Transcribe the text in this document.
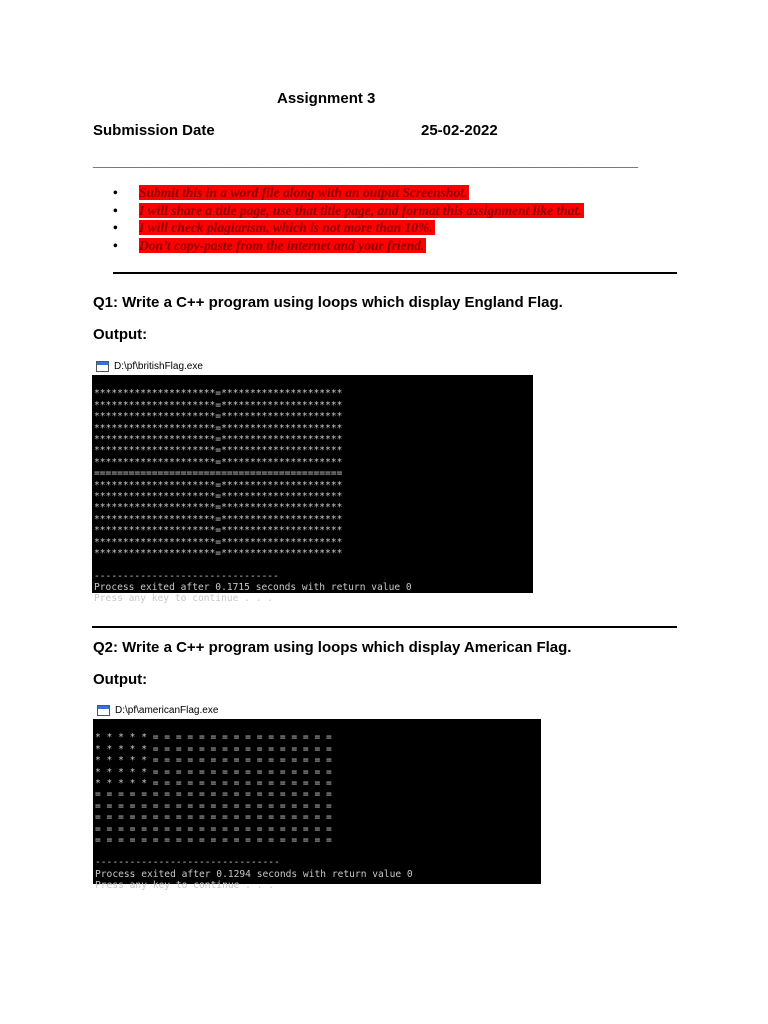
Assignment 3
Submission Date	25-02-2022
______________________________________________________________________
• Submit this in a word file along with an output Screenshot.
• I will share a title page, use that title page, and format this assignment like that.
• I will check plagiarism, which is not more than 10%.
• Don’t copy-paste from the internet and your friend.
Q1: Write a C++ program using loops which display England Flag.
Output:
D:\pf\britishFlag.exe

*********************=*********************
*********************=*********************
*********************=*********************
*********************=*********************
*********************=*********************
*********************=*********************
*********************=*********************
===========================================
*********************=*********************
*********************=*********************
*********************=*********************
*********************=*********************
*********************=*********************
*********************=*********************
*********************=*********************
--------------------------------
Process exited after 0.1715 seconds with return value 0
Press any key to continue . . .

Q2: Write a C++ program using loops which display American Flag.
Output:
D:\pf\americanFlag.exe

* * * * * = = = = = = = = = = = = = = = =
* * * * * = = = = = = = = = = = = = = = =
* * * * * = = = = = = = = = = = = = = = =
* * * * * = = = = = = = = = = = = = = = =
* * * * * = = = = = = = = = = = = = = = =
= = = = = = = = = = = = = = = = = = = = =
= = = = = = = = = = = = = = = = = = = = =
= = = = = = = = = = = = = = = = = = = = =
= = = = = = = = = = = = = = = = = = = = =
= = = = = = = = = = = = = = = = = = = = =
--------------------------------
Process exited after 0.1294 seconds with return value 0
Press any key to continue . . .
